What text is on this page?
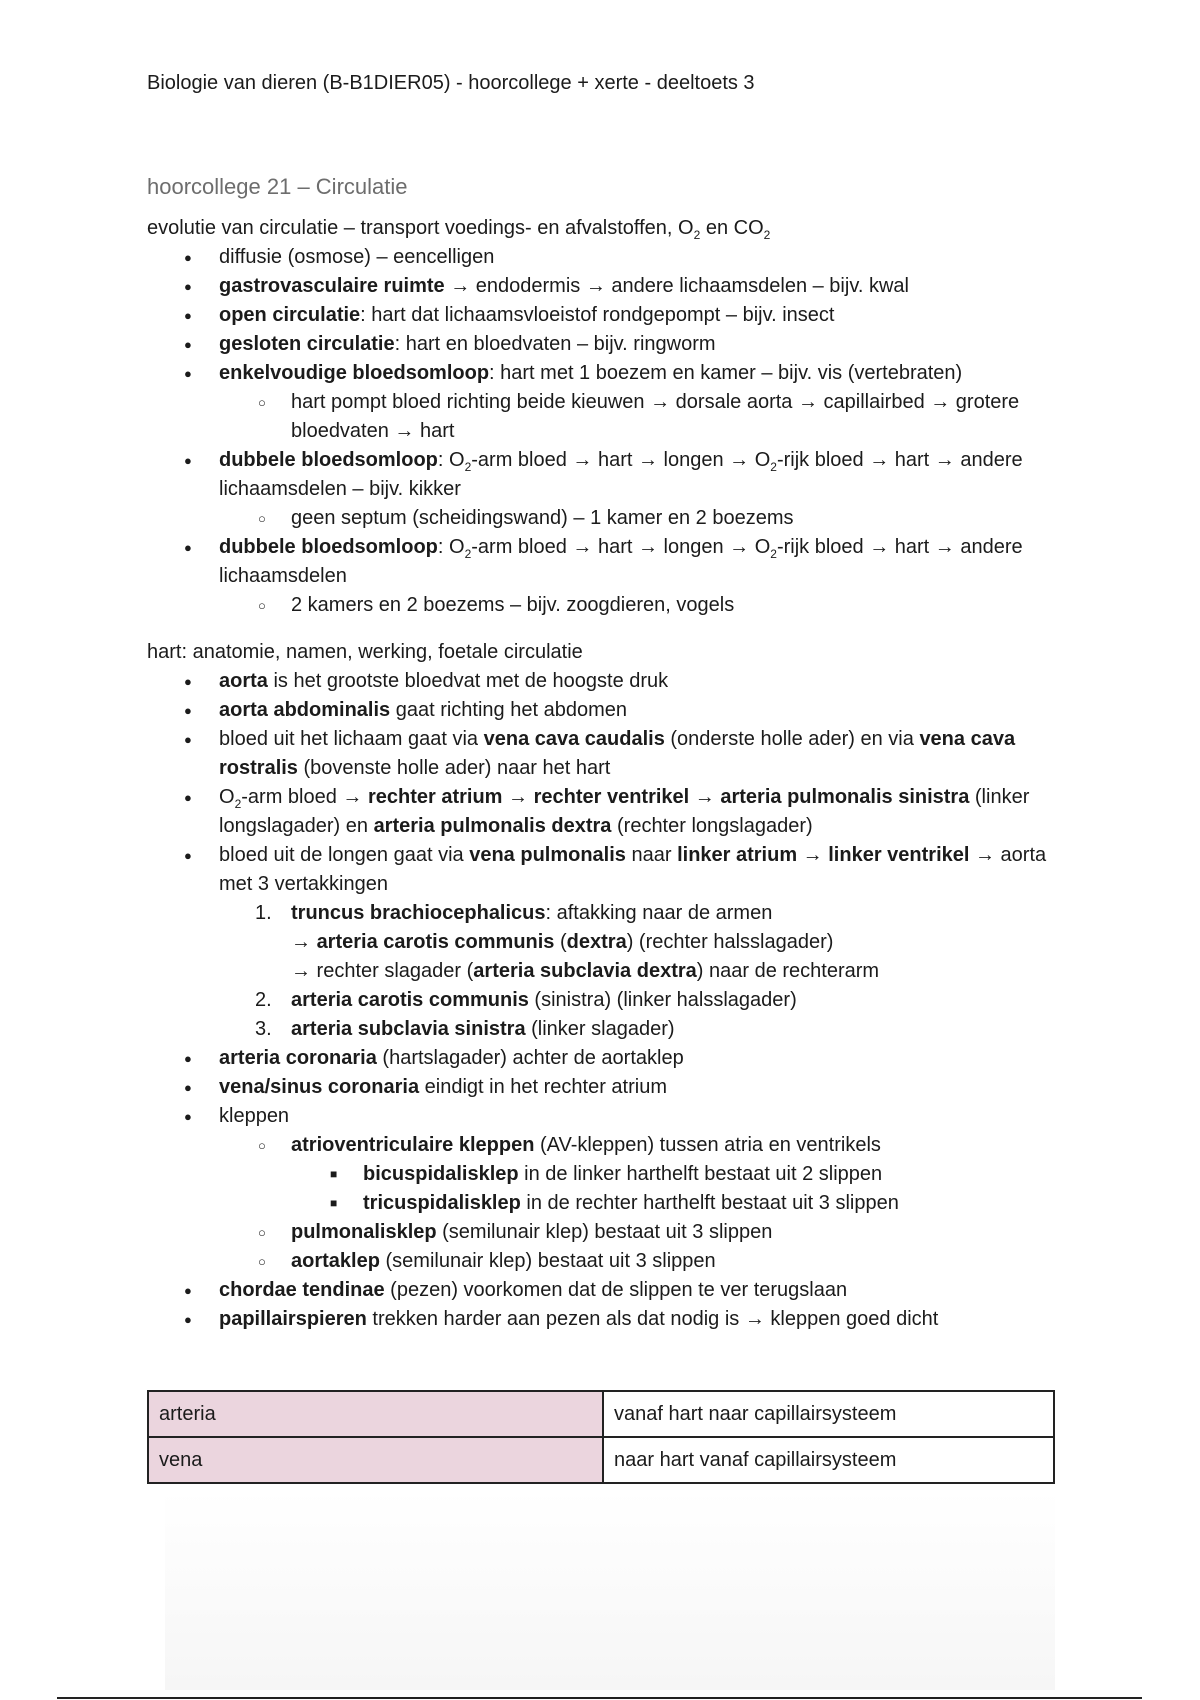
Biologie van dieren (B-B1DIER05) - hoorcollege + xerte - deeltoets 3
hoorcollege 21 – Circulatie
evolutie van circulatie – transport voedings- en afvalstoffen, $O_2$ en $CO_2$
● diffusie (osmose) – eencelligen
● gastrovasculaire ruimte → endodermis → andere lichaamsdelen – bijv. kwal
● open circulatie: hart dat lichaamsvloeistof rondgepompt – bijv. insect
● gesloten circulatie: hart en bloedvaten – bijv. ringworm
● enkelvoudige bloedsomloop: hart met 1 boezem en kamer – bijv. vis (vertebraten)
○ hart pompt bloed richting beide kieuwen → dorsale aorta → capillairbed → grotere bloedvaten → hart
● dubbele bloedsomloop: $O_2$-arm bloed → hart → longen → $O_2$-rijk bloed → hart → andere lichaamsdelen – bijv. kikker
○ geen septum (scheidingswand) – 1 kamer en 2 boezems
● dubbele bloedsomloop: $O_2$-arm bloed → hart → longen → $O_2$-rijk bloed → hart → andere lichaamsdelen
○ 2 kamers en 2 boezems – bijv. zoogdieren, vogels
hart: anatomie, namen, werking, foetale circulatie
● aorta is het grootste bloedvat met de hoogste druk
● aorta abdominalis gaat richting het abdomen
● bloed uit het lichaam gaat via vena cava caudalis (onderste holle ader) en via vena cava rostralis (bovenste holle ader) naar het hart
● $O_2$-arm bloed → rechter atrium → rechter ventrikel → arteria pulmonalis sinistra (linker longslagader) en arteria pulmonalis dextra (rechter longslagader)
● bloed uit de longen gaat via vena pulmonalis naar linker atrium → linker ventrikel → aorta met 3 vertakkingen
1. truncus brachiocephalicus: aftakking naar de armen
→ arteria carotis communis (dextra) (rechter halsslagader)
→ rechter slagader (arteria subclavia dextra) naar de rechterarm
2. arteria carotis communis (sinistra) (linker halsslagader)
3. arteria subclavia sinistra (linker slagader)
● arteria coronaria (hartslagader) achter de aortaklep
● vena/sinus coronaria eindigt in het rechter atrium
● kleppen
○ atrioventriculaire kleppen (AV-kleppen) tussen atria en ventrikels
■ bicuspidalisklep in de linker harthelft bestaat uit 2 slippen
■ tricuspidalisklep in de rechter harthelft bestaat uit 3 slippen
○ pulmonalisklep (semilunair klep) bestaat uit 3 slippen
○ aortaklep (semilunair klep) bestaat uit 3 slippen
● chordae tendinae (pezen) voorkomen dat de slippen te ver terugslaan
● papillairspieren trekken harder aan pezen als dat nodig is → kleppen goed dicht
arteria	vanaf hart naar capillairsysteem
vena	naar hart vanaf capillairsysteem
